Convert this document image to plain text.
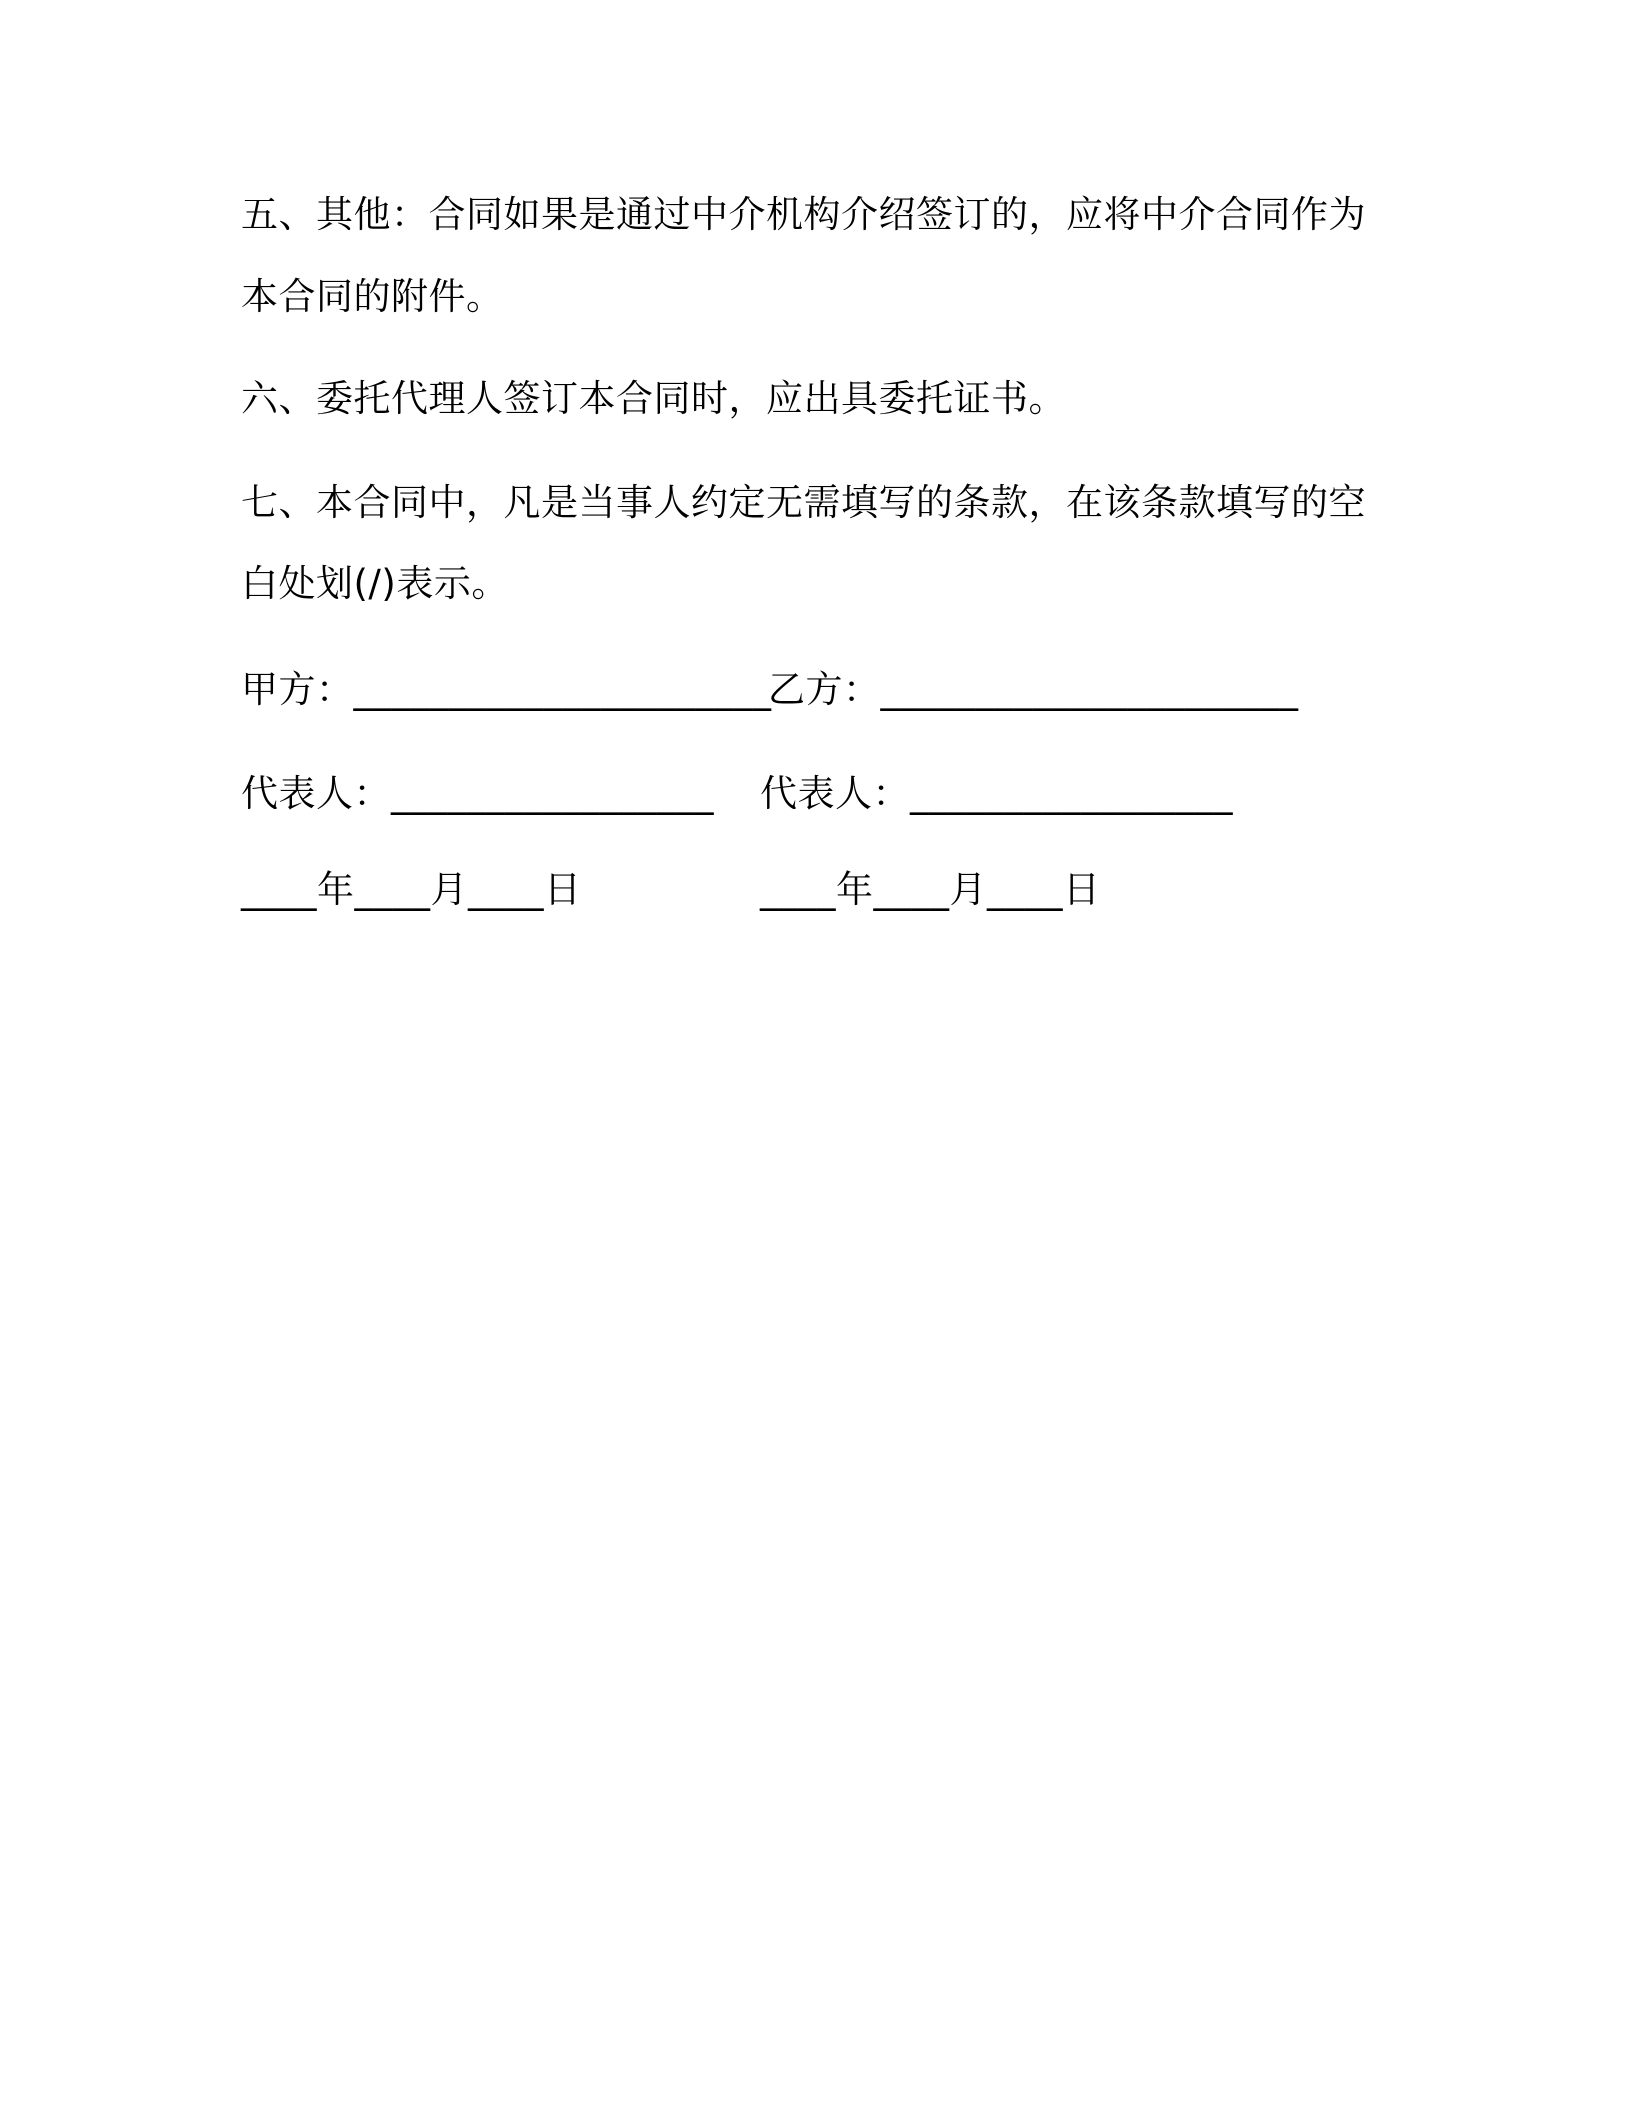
五、其他：合同如果是通过中介机构介绍签订的，应将中介合同作为
本合同的附件。
六、委托代理人签订本合同时，应出具委托证书。
七、本合同中，凡是当事人约定无需填写的条款，在该条款填写的空
白处划(/)表示。
甲方：______________________
乙方：______________________
代表人：_________________ 代表人：_________________
____年____月____日	____年____月____日
